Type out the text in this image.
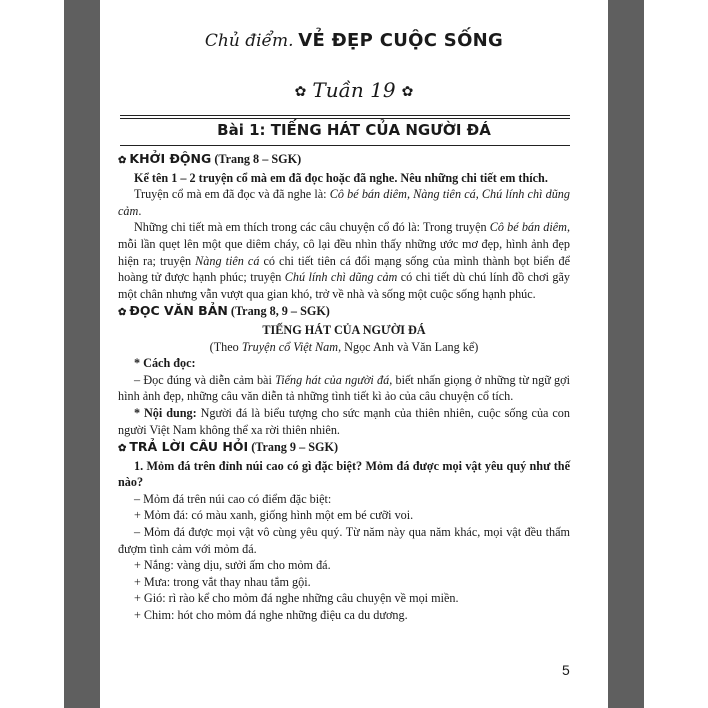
Chủ điểm. VẺ ĐẸP CUỘC SỐNG
✿ Tuần 19 ✿
Bài 1: TIẾNG HÁT CỦA NGƯỜI ĐÁ

✿ KHỞI ĐỘNG (Trang 8 – SGK)

Kể tên 1 – 2 truyện cổ mà em đã đọc hoặc đã nghe. Nêu những chi tiết em thích.

Truyện cổ mà em đã đọc và đã nghe là: Cô bé bán diêm, Nàng tiên cá, Chú lính chì dũng cảm.

Những chi tiết mà em thích trong các câu chuyện cổ đó là: Trong truyện Cô bé bán diêm, mỗi lần quẹt lên một que diêm cháy, cô lại đều nhìn thấy những ước mơ đẹp, hình ảnh đẹp hiện ra; truyện Nàng tiên cá có chi tiết tiên cá đổi mạng sống của mình thành bọt biển để hoàng tử được hạnh phúc; truyện Chú lính chì dũng cảm có chi tiết dù chú lính đồ chơi gãy một chân nhưng vẫn vượt qua gian khó, trở về nhà và sống một cuộc sống hạnh phúc.

✿ ĐỌC VĂN BẢN (Trang 8, 9 – SGK)

TIẾNG HÁT CỦA NGƯỜI ĐÁ

(Theo Truyện cổ Việt Nam, Ngọc Anh và Văn Lang kể)

* Cách đọc:

– Đọc đúng và diễn cảm bài Tiếng hát của người đá, biết nhấn giọng ở những từ ngữ gợi hình ảnh đẹp, những câu văn diễn tả những tình tiết kì ảo của câu chuyện cổ tích.

* Nội dung: Người đá là biểu tượng cho sức mạnh của thiên nhiên, cuộc sống của con người Việt Nam không thể xa rời thiên nhiên.

✿ TRẢ LỜI CÂU HỎI (Trang 9 – SGK)

1. Mỏm đá trên đỉnh núi cao có gì đặc biệt? Mỏm đá được mọi vật yêu quý như thế nào?

– Mỏm đá trên núi cao có điểm đặc biệt:

+ Mỏm đá: có màu xanh, giống hình một em bé cưỡi voi.

– Mỏm đá được mọi vật vô cùng yêu quý. Từ năm này qua năm khác, mọi vật đều thấm đượm tình cảm với mỏm đá.

+ Nắng: vàng dịu, sưởi ấm cho mỏm đá.

+ Mưa: trong vắt thay nhau tắm gội.

+ Gió: rì rào kể cho mỏm đá nghe những câu chuyện về mọi miền.

+ Chim: hót cho mỏm đá nghe những điệu ca du dương.

5
